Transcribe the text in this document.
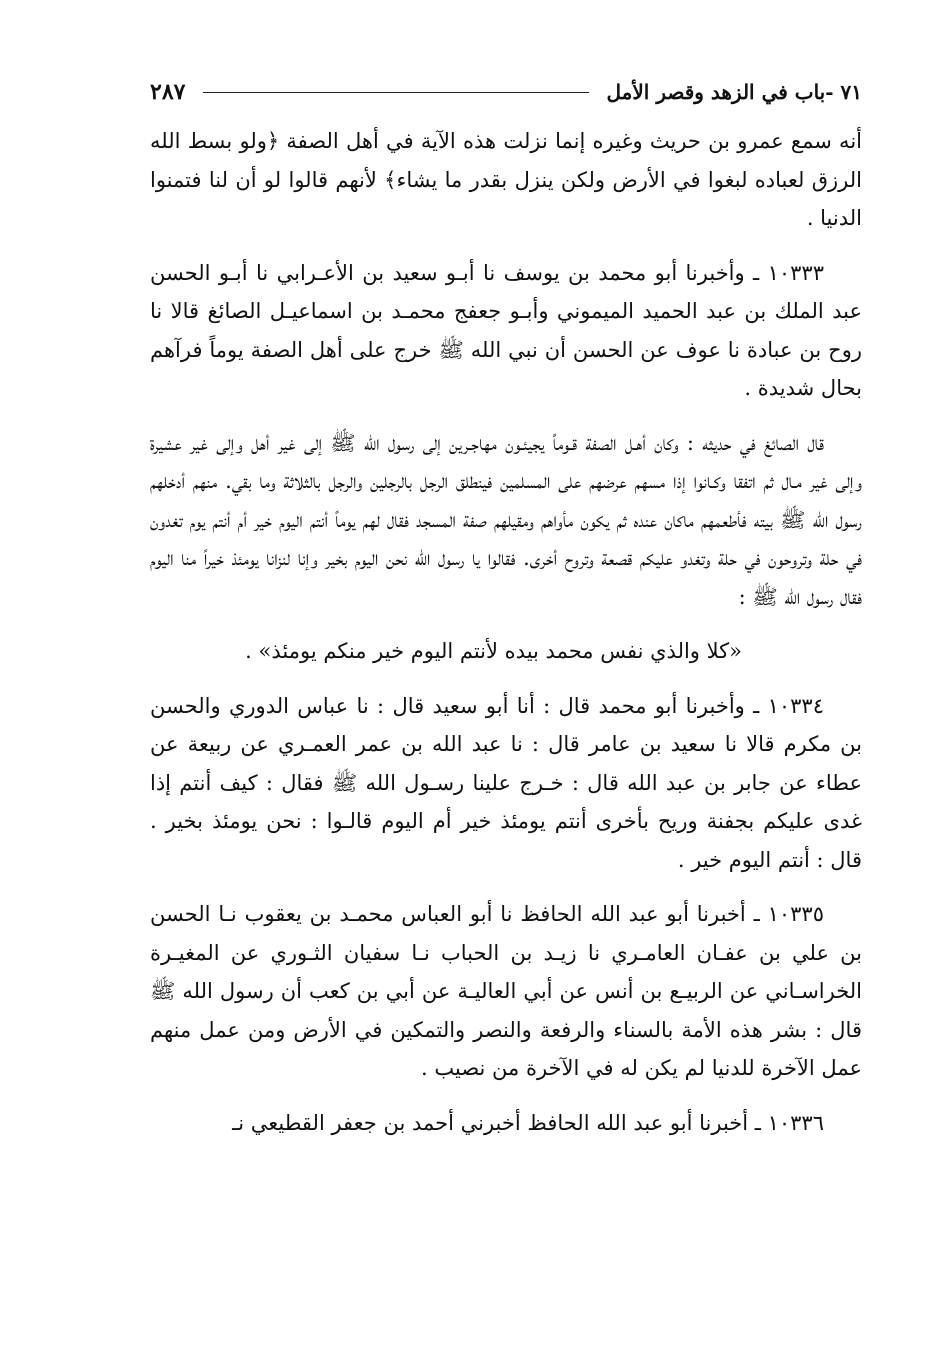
٧١ -باب في الزهد وقصر الأمل
٢٨٧

أنه سمع عمرو بن حريث وغيره إنما نزلت هذه الآية في أهل الصفة ﴿ولو بسط الله الرزق لعباده لبغوا في الأرض ولكن ينزل بقدر ما يشاء﴾ لأنهم قالوا لو أن لنا فتمنوا الدنيا .

١٠٣٣٣ ـ وأخبرنا أبو محمد بن يوسف نا أبـو سعيد بن الأعـرابي نا أبـو الحسن عبد الملك بن عبد الحميد الميموني وأبـو جعفج محمـد بن اسماعيـل الصائغ قالا نا روح بن عبادة نا عوف عن الحسن أن نبي الله ﷺ خرج على أهل الصفة يوماً فرآهم بحال شديدة .

قال الصائغ في حديثه : وكان أهـل الصفة قـوماً يجيئـون مهاجـرين إلى رسول الله ﷺ إلى غير أهل وإلى غير عشيرة وإلى غير مـال ثم اتفقا وكـانوا إذا مسهم عرضهم على المسلمين فينطلق الرجل بالرجلين والرجل بالثلاثة وما بقي. منهم أدخلهم رسول الله ﷺ بيته فأطعمهم ماكان عنده ثم يكون مأواهم ومقيلهم صفة المسجد فقال لهم يوماً أنتم اليوم خير أم أنتم يوم تغدون في حلة وتروحون في حلة وتغدو عليكم قصعة وتروح أخرى. فقالوا يا رسول الله نحن اليوم بخير وإنا لنزانا يومئذ خيراً منا اليوم فقال رسول الله ﷺ :

«كلا والذي نفس محمد بيده لأنتم اليوم خير منكم يومئذ» .

١٠٣٣٤ ـ وأخبرنا أبو محمد قال : أنا أبو سعيد قال : نا عباس الدوري والحسن بن مكرم قالا نا سعيد بن عامر قال : نا عبد الله بن عمر العمـري عن ربيعة عن عطاء عن جابر بن عبد الله قال : خـرج علينا رسـول الله ﷺ فقال : كيف أنتم إذا غدى عليكم بجفنة وريح بأخرى أنتم يومئذ خير أم اليوم قالـوا : نحن يومئذ بخير . قال : أنتم اليوم خير .

١٠٣٣٥ ـ أخبرنا أبو عبد الله الحافظ نا أبو العباس محمـد بن يعقوب نـا الحسن بن علي بن عفـان العامـري نا زيـد بن الحباب نـا سفيان الثـوري عن المغيـرة الخراسـاني عن الربيـع بن أنس عن أبي العاليـة عن أبي بن كعب أن رسول الله ﷺ قال : بشر هذه الأمة بالسناء والرفعة والنصر والتمكين في الأرض ومن عمل منهم عمل الآخرة للدنيا لم يكن له في الآخرة من نصيب .

١٠٣٣٦ ـ أخبرنا أبو عبد الله الحافظ أخبرني أحمد بن جعفر القطيعي نـ
